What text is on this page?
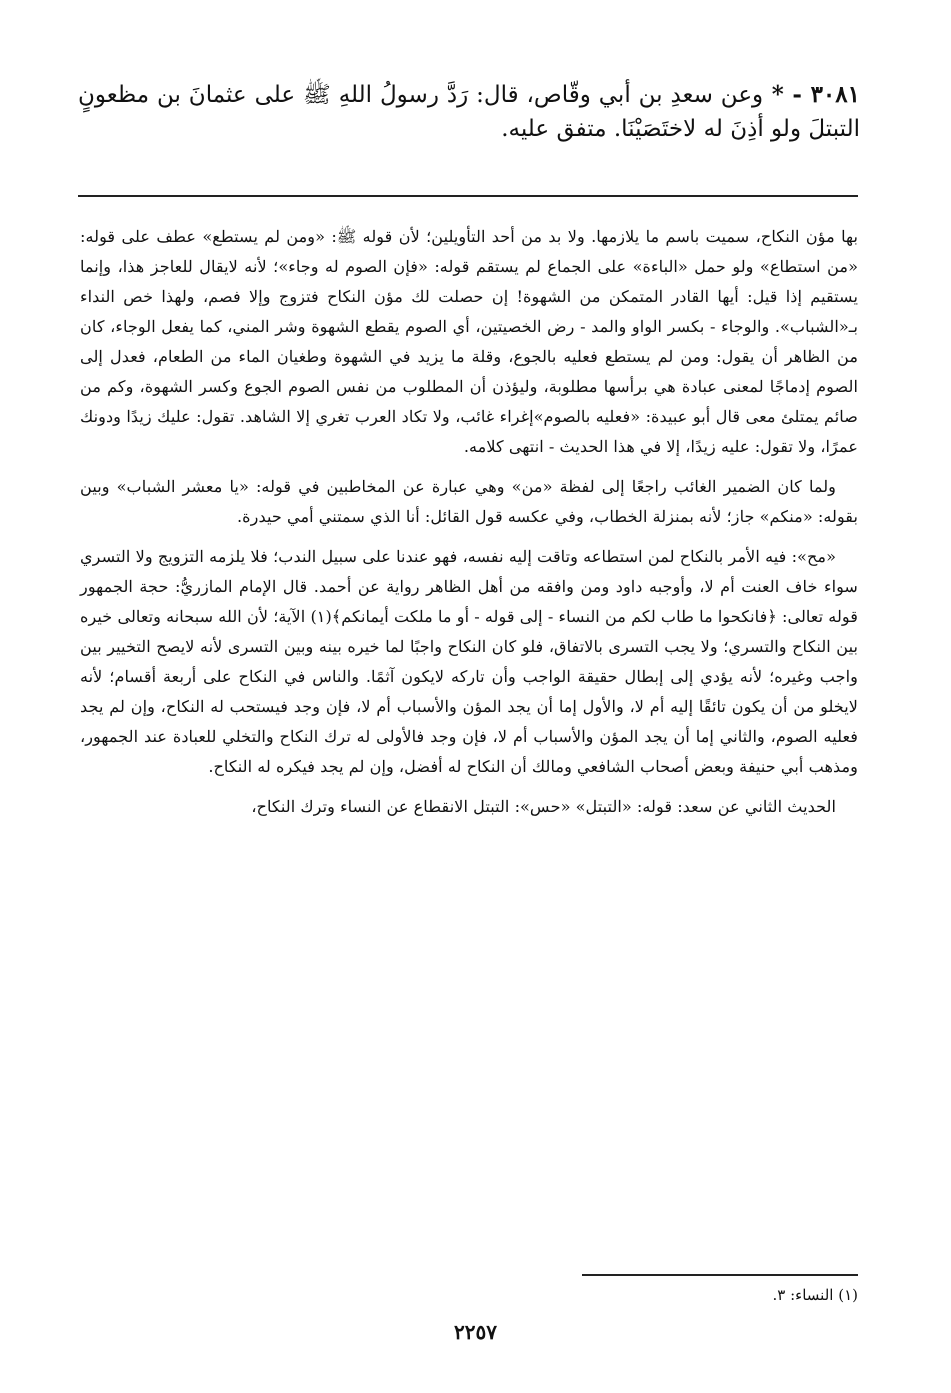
٣٠٨١ - * وعن سعدِ بن أبي وقّاص، قال: رَدَّ رسولُ اللهِ ﷺ على عثمانَ بن مظعونٍ التبتلَ ولو أذِنَ له لاختَصَيْنَا. متفق عليه.

بها مؤن النكاح، سميت باسم ما يلازمها. ولا بد من أحد التأويلين؛ لأن قوله ﷺ: «ومن لم يستطع» عطف على قوله: «من استطاع» ولو حمل «الباءة» على الجماع لم يستقم قوله: «فإن الصوم له وجاء»؛ لأنه لايقال للعاجز هذا، وإنما يستقيم إذا قيل: أيها القادر المتمكن من الشهوة! إن حصلت لك مؤن النكاح فتزوج وإلا فصم، ولهذا خص النداء بـ«الشباب». والوجاء - بكسر الواو والمد - رض الخصيتين، أي الصوم يقطع الشهوة وشر المني، كما يفعل الوجاء، كان من الظاهر أن يقول: ومن لم يستطع فعليه بالجوع، وقلة ما يزيد في الشهوة وطغيان الماء من الطعام، فعدل إلى الصوم إدماجًا لمعنى عبادة هي برأسها مطلوبة، وليؤذن أن المطلوب من نفس الصوم الجوع وكسر الشهوة، وكم من صائم يمتلئ معى قال أبو عبيدة: «فعليه بالصوم»إغراء غائب، ولا تكاد العرب تغري إلا الشاهد. تقول: عليك زيدًا ودونك عمرًا، ولا تقول: عليه زيدًا، إلا في هذا الحديث - انتهى كلامه.

ولما كان الضمير الغائب راجعًا إلى لفظة «من» وهي عبارة عن المخاطبين في قوله: «يا معشر الشباب» وبين بقوله: «منكم» جاز؛ لأنه بمنزلة الخطاب، وفي عكسه قول القائل: أنا الذي سمتني أمي حيدرة.

«مح»: فيه الأمر بالنكاح لمن استطاعه وتاقت إليه نفسه، فهو عندنا على سبيل الندب؛ فلا يلزمه التزويج ولا التسري سواء خاف العنت أم لا، وأوجبه داود ومن وافقه من أهل الظاهر رواية عن أحمد. قال الإمام المازريُّ: حجة الجمهور قوله تعالى: ﴿فانكحوا ما طاب لكم من النساء - إلى قوله - أو ما ملكت أيمانكم﴾(١) الآية؛ لأن الله سبحانه وتعالى خيره بين النكاح والتسري؛ ولا يجب التسرى بالاتفاق، فلو كان النكاح واجبًا لما خيره بينه وبين التسرى لأنه لايصح التخيير بين واجب وغيره؛ لأنه يؤدي إلى إبطال حقيقة الواجب وأن تاركه لايكون آثمًا. والناس في النكاح على أربعة أقسام؛ لأنه لايخلو من أن يكون تائقًا إليه أم لا، والأول إما أن يجد المؤن والأسباب أم لا، فإن وجد فيستحب له النكاح، وإن لم يجد فعليه الصوم، والثاني إما أن يجد المؤن والأسباب أم لا، فإن وجد فالأولى له ترك النكاح والتخلي للعبادة عند الجمهور، ومذهب أبي حنيفة وبعض أصحاب الشافعي ومالك أن النكاح له أفضل، وإن لم يجد فيكره له النكاح.

الحديث الثاني عن سعد: قوله: «التبتل» «حس»: التبتل الانقطاع عن النساء وترك النكاح،

(١) النساء: ٣.
٢٢٥٧
